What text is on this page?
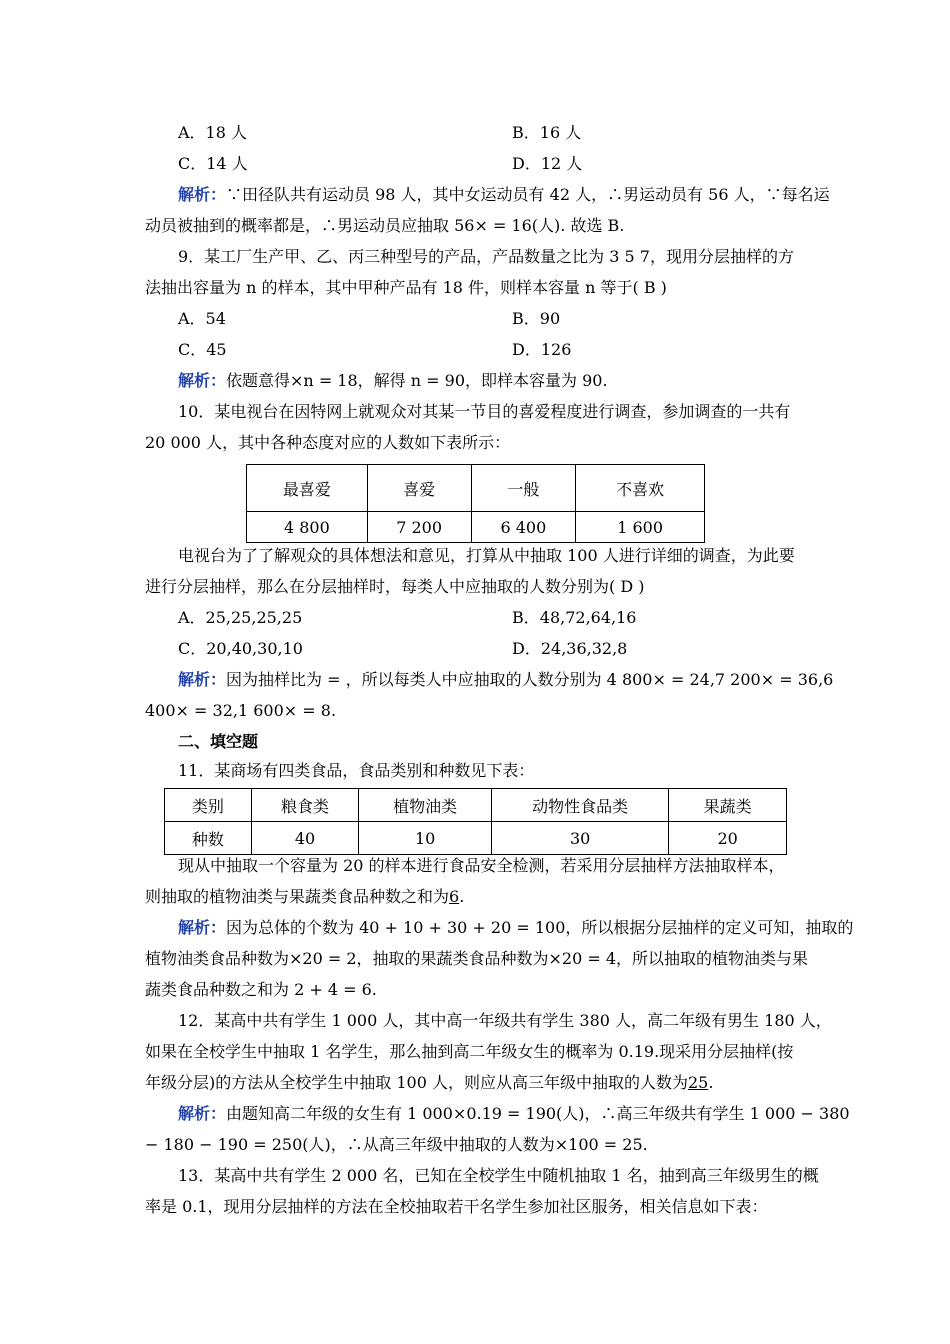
A．18 人	B．16 人
C．14 人	D．12 人
解析：∵田径队共有运动员 98 人，其中女运动员有 42 人，∴男运动员有 56 人，∵每名运
动员被抽到的概率都是，∴男运动员应抽取 56× = 16(人). 故选 B.
9．某工厂生产甲、乙、丙三种型号的产品，产品数量之比为 3 5 7，现用分层抽样的方
法抽出容量为 n 的样本，其中甲种产品有 18 件，则样本容量 n 等于( B )
A．54	B．90
C．45	D．126
解析：依题意得×n = 18，解得 n = 90，即样本容量为 90.
10．某电视台在因特网上就观众对其某一节目的喜爱程度进行调查，参加调查的一共有
20 000 人，其中各种态度对应的人数如下表所示：
最喜爱	喜爱	一般	不喜欢
4 800	7 200	6 400	1 600
电视台为了了解观众的具体想法和意见，打算从中抽取 100 人进行详细的调查，为此要
进行分层抽样，那么在分层抽样时，每类人中应抽取的人数分别为( D )
A．25,25,25,25	B．48,72,64,16
C．20,40,30,10	D．24,36,32,8
解析：因为抽样比为 = ，所以每类人中应抽取的人数分别为 4 800× = 24,7 200× = 36,6
400× = 32,1 600× = 8.
二、填空题
11．某商场有四类食品，食品类别和种数见下表：
类别	粮食类	植物油类	动物性食品类	果蔬类
种数	40	10	30	20
现从中抽取一个容量为 20 的样本进行食品安全检测，若采用分层抽样方法抽取样本，
则抽取的植物油类与果蔬类食品种数之和为6.
解析：因为总体的个数为 40 + 10 + 30 + 20 = 100，所以根据分层抽样的定义可知，抽取的
植物油类食品种数为×20 = 2，抽取的果蔬类食品种数为×20 = 4，所以抽取的植物油类与果
蔬类食品种数之和为 2 + 4 = 6.
12．某高中共有学生 1 000 人，其中高一年级共有学生 380 人，高二年级有男生 180 人，
如果在全校学生中抽取 1 名学生，那么抽到高二年级女生的概率为 0.19.现采用分层抽样(按
年级分层)的方法从全校学生中抽取 100 人，则应从高三年级中抽取的人数为25.
解析：由题知高二年级的女生有 1 000×0.19 = 190(人)，∴高三年级共有学生 1 000 − 380
− 180 − 190 = 250(人)，∴从高三年级中抽取的人数为×100 = 25.
13．某高中共有学生 2 000 名，已知在全校学生中随机抽取 1 名，抽到高三年级男生的概
率是 0.1，现用分层抽样的方法在全校抽取若干名学生参加社区服务，相关信息如下表：
